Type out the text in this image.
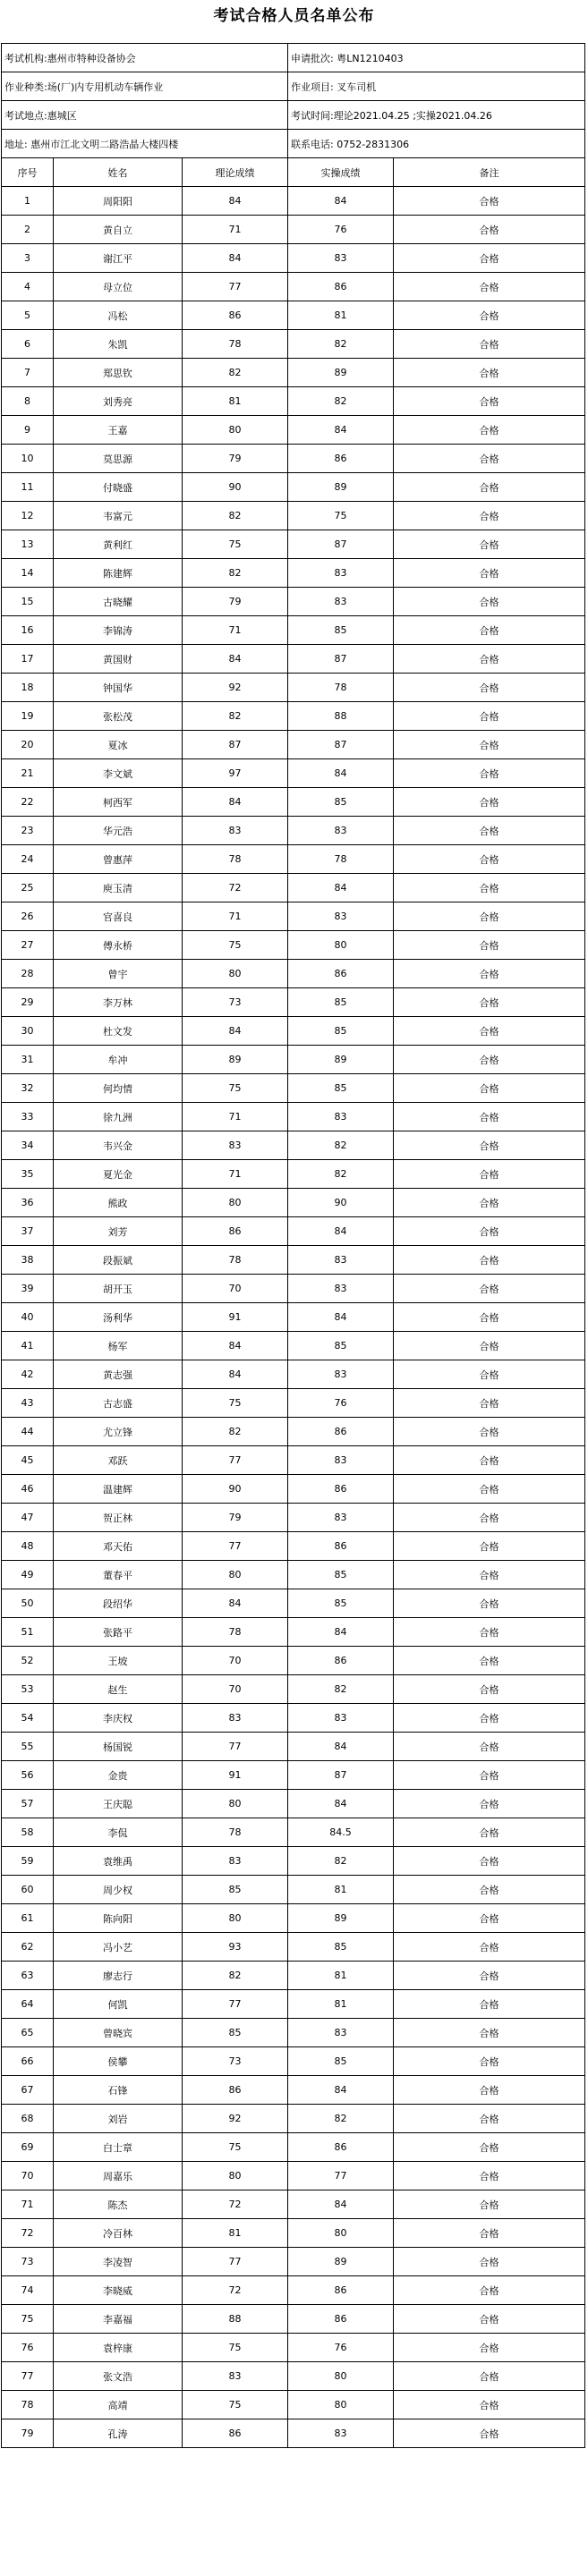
考试合格人员名单公布
考试机构:惠州市特种设备协会			申请批次: 粤LN1210403	
作业种类:场(厂)内专用机动车辆作业			作业项目: 叉车司机	
考试地点:惠城区			考试时间:理论2021.04.25 ;实操2021.04.26	
地址: 惠州市江北文明二路浩晶大楼四楼			联系电话: 0752-2831306	
序号	姓名	理论成绩	实操成绩	备注
1	周阳阳	84	84	合格
2	黄自立	71	76	合格
3	谢江平	84	83	合格
4	母立位	77	86	合格
5	冯松	86	81	合格
6	朱凯	78	82	合格
7	郑思钦	82	89	合格
8	刘秀亮	81	82	合格
9	王嘉	80	84	合格
10	莫思源	79	86	合格
11	付晓盛	90	89	合格
12	韦富元	82	75	合格
13	黄利红	75	87	合格
14	陈建辉	82	83	合格
15	古晓耀	79	83	合格
16	李锦涛	71	85	合格
17	黄国财	84	87	合格
18	钟国华	92	78	合格
19	张松茂	82	88	合格
20	夏冰	87	87	合格
21	李文斌	97	84	合格
22	柯西军	84	85	合格
23	华元浩	83	83	合格
24	曾惠萍	78	78	合格
25	庾玉清	72	84	合格
26	官喜良	71	83	合格
27	傅永桥	75	80	合格
28	曾宇	80	86	合格
29	李万林	73	85	合格
30	杜文发	84	85	合格
31	牟冲	89	89	合格
32	何均情	75	85	合格
33	徐九洲	71	83	合格
34	韦兴金	83	82	合格
35	夏光金	71	82	合格
36	熊政	80	90	合格
37	刘芳	86	84	合格
38	段振斌	78	83	合格
39	胡开玉	70	83	合格
40	汤利华	91	84	合格
41	杨军	84	85	合格
42	黄志强	84	83	合格
43	古志盛	75	76	合格
44	尤立锋	82	86	合格
45	邓跃	77	83	合格
46	温建辉	90	86	合格
47	贺正林	79	83	合格
48	邓天佑	77	86	合格
49	董春平	80	85	合格
50	段绍华	84	85	合格
51	张路平	78	84	合格
52	王坡	70	86	合格
53	赵生	70	82	合格
54	李庆权	83	83	合格
55	杨国锐	77	84	合格
56	金贵	91	87	合格
57	王庆聪	80	84	合格
58	李侃	78	84.5	合格
59	袁维禹	83	82	合格
60	周少权	85	81	合格
61	陈向阳	80	89	合格
62	冯小艺	93	85	合格
63	廖志行	82	81	合格
64	何凯	77	81	合格
65	曾晓宾	85	83	合格
66	侯攀	73	85	合格
67	石锋	86	84	合格
68	刘岩	92	82	合格
69	白士章	75	86	合格
70	周嘉乐	80	77	合格
71	陈杰	72	84	合格
72	冷百林	81	80	合格
73	李凌智	77	89	合格
74	李晓威	72	86	合格
75	李嘉福	88	86	合格
76	袁梓康	75	76	合格
77	张文浩	83	80	合格
78	高靖	75	80	合格
79	孔涛	86	83	合格
